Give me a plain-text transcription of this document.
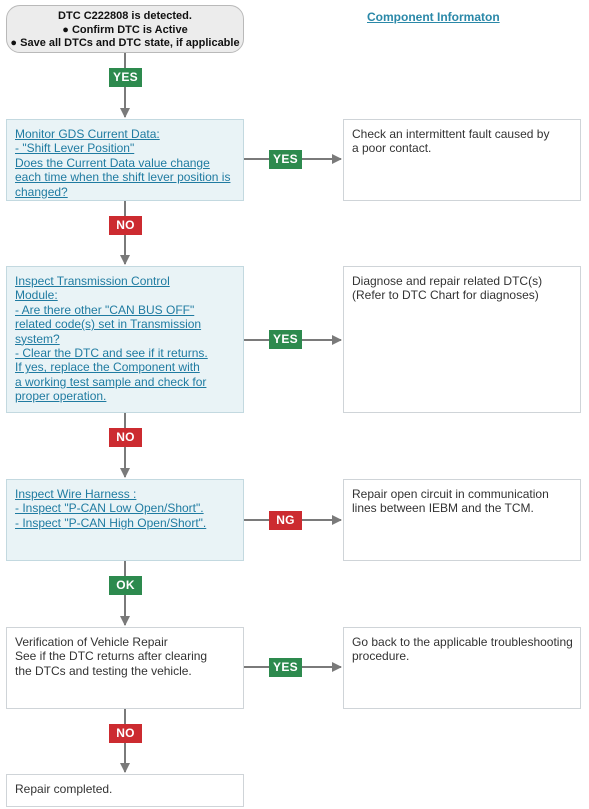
DTC C222808 is detected.
● Confirm DTC is Active
● Save all DTCs and DTC state, if applicable
Component Informaton
Monitor GDS Current Data:
- "Shift Lever Position"
Does the Current Data value change
each time when the shift lever position is
changed?
Inspect Transmission Control
Module:
- Are there other "CAN BUS OFF"
related code(s) set in Transmission
system?
- Clear the DTC and see if it returns.
If yes, replace the Component with
a working test sample and check for
proper operation.
Inspect Wire Harness :
- Inspect "P-CAN Low Open/Short".
- Inspect "P-CAN High Open/Short".
Verification of Vehicle Repair
See if the DTC returns after clearing
the DTCs and testing the vehicle.
Repair completed.
Check an intermittent fault caused by
a poor contact.
Diagnose and repair related DTC(s)
(Refer to DTC Chart for diagnoses)
Repair open circuit in communication
lines between IEBM and the TCM.
Go back to the applicable troubleshooting
procedure.
YES
NO
YES
NO
YES
OK
NG
NO
YES
